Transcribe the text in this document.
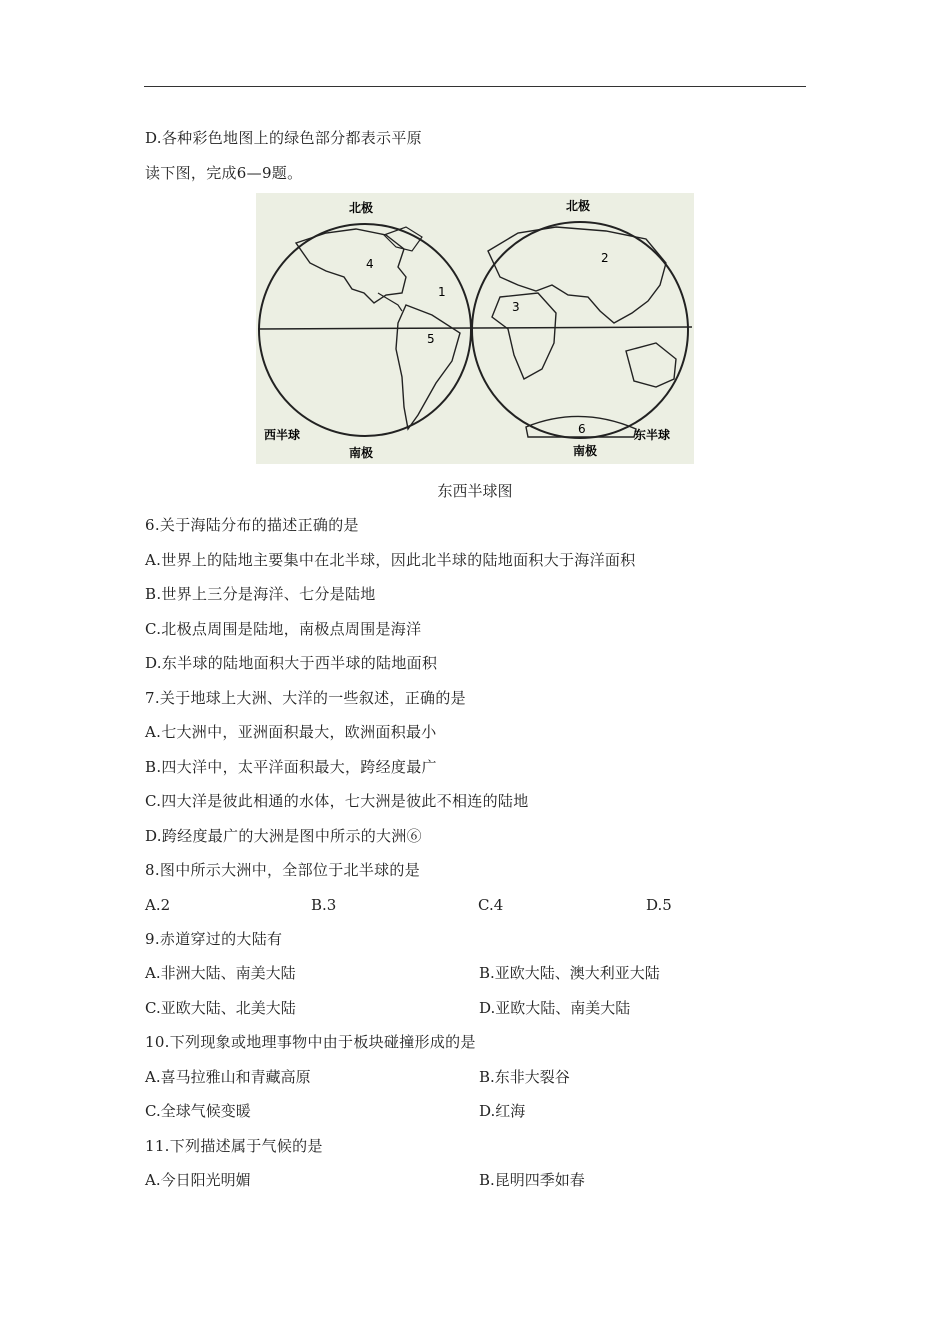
D.各种彩色地图上的绿色部分都表示平原
读下图，完成6—9题。
北极
南极
西半球
北极
南极
东半球
1
2
3
4
5
6
东西半球图
6.关于海陆分布的描述正确的是
A.世界上的陆地主要集中在北半球，因此北半球的陆地面积大于海洋面积
B.世界上三分是海洋、七分是陆地
C.北极点周围是陆地，南极点周围是海洋
D.东半球的陆地面积大于西半球的陆地面积
7.关于地球上大洲、大洋的一些叙述，正确的是
A.七大洲中，亚洲面积最大，欧洲面积最小
B.四大洋中，太平洋面积最大，跨经度最广
C.四大洋是彼此相通的水体，七大洲是彼此不相连的陆地
D.跨经度最广的大洲是图中所示的大洲⑥
8.图中所示大洲中，全部位于北半球的是
A.2	B.3	C.4	D.5
9.赤道穿过的大陆有
A.非洲大陆、南美大陆	B.亚欧大陆、澳大利亚大陆
C.亚欧大陆、北美大陆	D.亚欧大陆、南美大陆
10.下列现象或地理事物中由于板块碰撞形成的是
A.喜马拉雅山和青藏高原	B.东非大裂谷
C.全球气候变暖	D.红海
11.下列描述属于气候的是
A.今日阳光明媚	B.昆明四季如春
